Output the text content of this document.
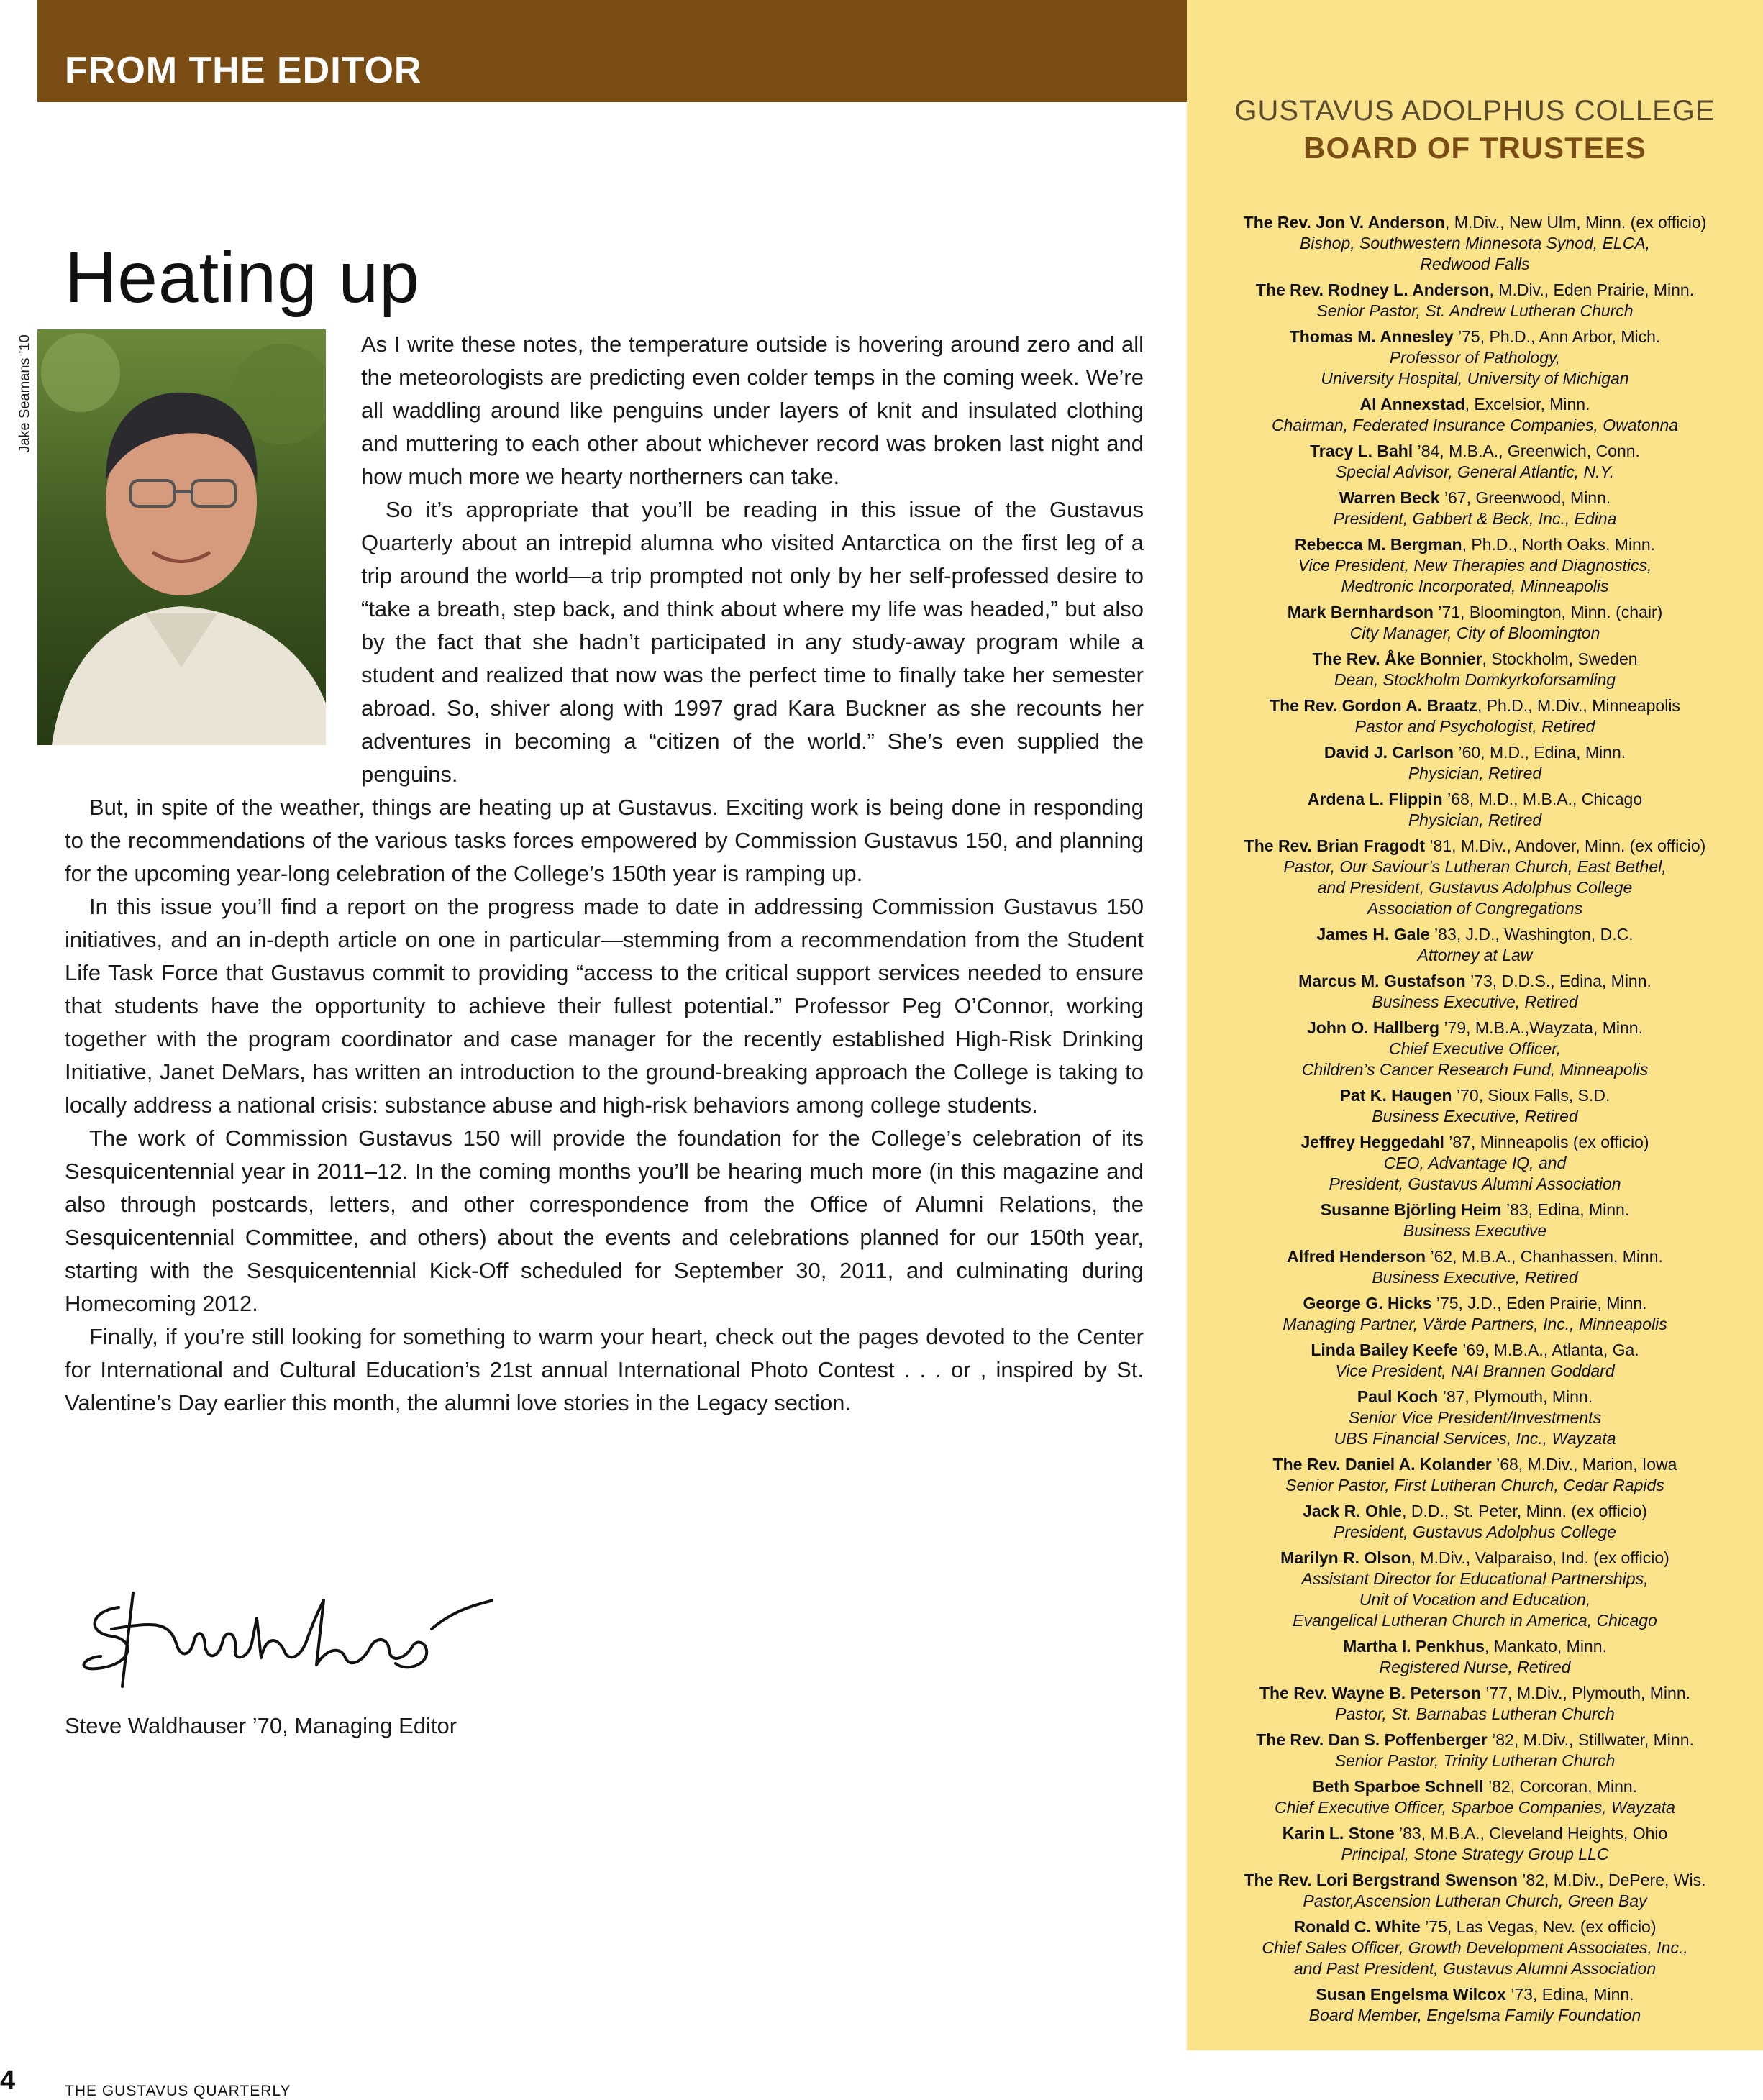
FROM THE EDITOR
Heating up
Jake Seamans ’10	As I write these notes, the temperature outside is hovering around zero and all the meteorologists are predicting even colder temps in the coming week. We’re all waddling around like penguins under layers of knit and insulated clothing and muttering to each other about whichever record was broken last night and how much more we hearty northerners can take.

So it’s appropriate that you’ll be reading in this issue of the Gustavus Quarterly about an intrepid alumna who visited Antarctica on the first leg of a trip around the world—a trip prompted not only by her self-professed desire to “take a breath, step back, and think about where my life was headed,” but also by the fact that she hadn’t participated in any study-away program while a student and realized that now was the perfect time to finally take her semester abroad. So, shiver along with 1997 grad Kara Buckner as she recounts her adventures in becoming a “citizen of the world.” She’s even supplied the penguins.

But, in spite of the weather, things are heating up at Gustavus. Exciting work is being done in responding to the recommendations of the various tasks forces empowered by Commission Gustavus 150, and planning for the upcoming year-long celebration of the College’s 150th year is ramping up.

In this issue you’ll find a report on the progress made to date in addressing Commission Gustavus 150 initiatives, and an in-depth article on one in particular—stemming from a recommendation from the Student Life Task Force that Gustavus commit to providing “access to the critical support services needed to ensure that students have the opportunity to achieve their fullest potential.” Professor Peg O’Connor, working together with the program coordinator and case manager for the recently established High-Risk Drinking Initiative, Janet DeMars, has written an introduction to the ground-breaking approach the College is taking to locally address a national crisis: substance abuse and high-risk behaviors among college students.

The work of Commission Gustavus 150 will provide the foundation for the College’s celebration of its Sesquicentennial year in 2011–12. In the coming months you’ll be hearing much more (in this magazine and also through postcards, letters, and other correspondence from the Office of Alumni Relations, the Sesquicentennial Committee, and others) about the events and celebrations planned for our 150th year, starting with the Sesquicentennial Kick-Off scheduled for September 30, 2011, and culminating during Homecoming 2012.

Finally, if you’re still looking for something to warm your heart, check out the pages devoted to the Center for International and Cultural Education’s 21st annual International Photo Contest . . . or , inspired by St. Valentine’s Day earlier this month, the alumni love stories in the Legacy section.

Steve Waldhauser ’70, Managing Editor
GUSTAVUS ADOLPHUS COLLEGE
BOARD OF TRUSTEES
The Rev. Jon V. Anderson, M.Div., New Ulm, Minn. (ex officio)
Bishop, Southwestern Minnesota Synod, ELCA,
Redwood Falls
The Rev. Rodney L. Anderson, M.Div., Eden Prairie, Minn.
Senior Pastor, St. Andrew Lutheran Church
Thomas M. Annesley ’75, Ph.D., Ann Arbor, Mich.
Professor of Pathology,
University Hospital, University of Michigan
Al Annexstad, Excelsior, Minn.
Chairman, Federated Insurance Companies, Owatonna
Tracy L. Bahl ’84, M.B.A., Greenwich, Conn.
Special Advisor, General Atlantic, N.Y.
Warren Beck ’67, Greenwood, Minn.
President, Gabbert & Beck, Inc., Edina
Rebecca M. Bergman, Ph.D., North Oaks, Minn.
Vice President, New Therapies and Diagnostics,
Medtronic Incorporated, Minneapolis
Mark Bernhardson ’71, Bloomington, Minn. (chair)
City Manager, City of Bloomington
The Rev. Åke Bonnier, Stockholm, Sweden
Dean, Stockholm Domkyrkoforsamling
The Rev. Gordon A. Braatz, Ph.D., M.Div., Minneapolis
Pastor and Psychologist, Retired
David J. Carlson ’60, M.D., Edina, Minn.
Physician, Retired
Ardena L. Flippin ’68, M.D., M.B.A., Chicago
Physician, Retired
The Rev. Brian Fragodt ’81, M.Div., Andover, Minn. (ex officio)
Pastor, Our Saviour’s Lutheran Church, East Bethel,
and President, Gustavus Adolphus College
Association of Congregations
James H. Gale ’83, J.D., Washington, D.C.
Attorney at Law
Marcus M. Gustafson ’73, D.D.S., Edina, Minn.
Business Executive, Retired
John O. Hallberg ’79, M.B.A.,Wayzata, Minn.
Chief Executive Officer,
Children’s Cancer Research Fund, Minneapolis
Pat K. Haugen ’70, Sioux Falls, S.D.
Business Executive, Retired
Jeffrey Heggedahl ’87, Minneapolis (ex officio)
CEO, Advantage IQ, and
President, Gustavus Alumni Association
Susanne Björling Heim ’83, Edina, Minn.
Business Executive
Alfred Henderson ’62, M.B.A., Chanhassen, Minn.
Business Executive, Retired
George G. Hicks ’75, J.D., Eden Prairie, Minn.
Managing Partner, Värde Partners, Inc., Minneapolis
Linda Bailey Keefe ’69, M.B.A., Atlanta, Ga.
Vice President, NAI Brannen Goddard
Paul Koch ’87, Plymouth, Minn.
Senior Vice President/Investments
UBS Financial Services, Inc., Wayzata
The Rev. Daniel A. Kolander ’68, M.Div., Marion, Iowa
Senior Pastor, First Lutheran Church, Cedar Rapids
Jack R. Ohle, D.D., St. Peter, Minn. (ex officio)
President, Gustavus Adolphus College
Marilyn R. Olson, M.Div., Valparaiso, Ind. (ex officio)
Assistant Director for Educational Partnerships,
Unit of Vocation and Education,
Evangelical Lutheran Church in America, Chicago
Martha I. Penkhus, Mankato, Minn.
Registered Nurse, Retired
The Rev. Wayne B. Peterson ’77, M.Div., Plymouth, Minn.
Pastor, St. Barnabas Lutheran Church
The Rev. Dan S. Poffenberger ’82, M.Div., Stillwater, Minn.
Senior Pastor, Trinity Lutheran Church
Beth Sparboe Schnell ’82, Corcoran, Minn.
Chief Executive Officer, Sparboe Companies, Wayzata
Karin L. Stone ’83, M.B.A., Cleveland Heights, Ohio
Principal, Stone Strategy Group LLC
The Rev. Lori Bergstrand Swenson ’82, M.Div., DePere, Wis.
Pastor,Ascension Lutheran Church, Green Bay
Ronald C. White ’75, Las Vegas, Nev. (ex officio)
Chief Sales Officer, Growth Development Associates, Inc.,
and Past President, Gustavus Alumni Association
Susan Engelsma Wilcox ’73, Edina, Minn.
Board Member, Engelsma Family Foundation
4	THE GUSTAVUS QUARTERLY
